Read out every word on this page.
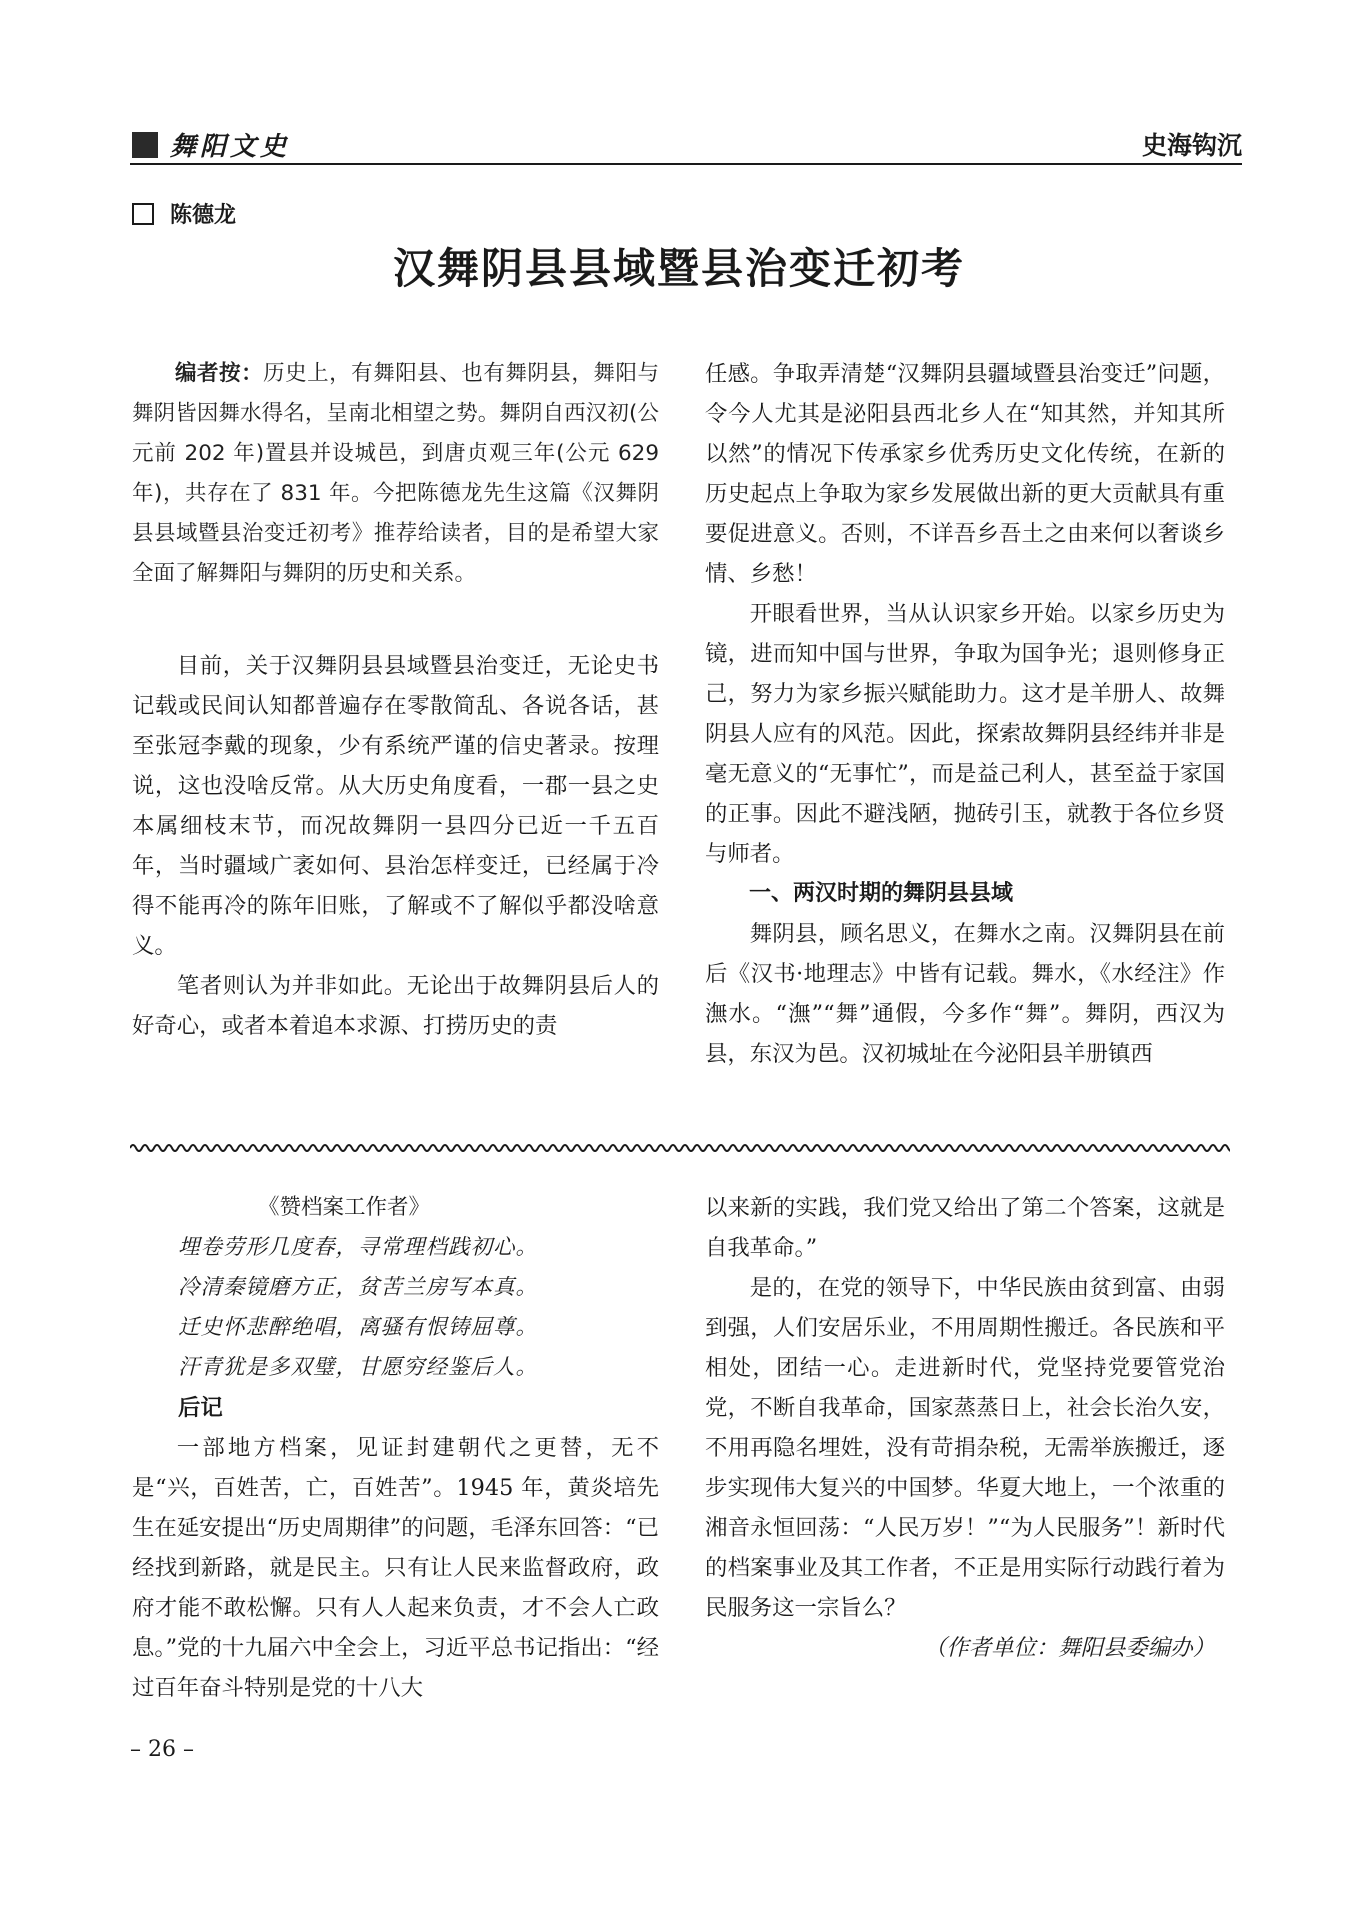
舞阳文史	史海钩沉
陈德龙
汉舞阴县县域暨县治变迁初考

编者按：历史上，有舞阳县、也有舞阴县，舞阳与舞阴皆因舞水得名，呈南北相望之势。舞阴自西汉初(公元前 202 年)置县并设城邑，到唐贞观三年(公元 629 年)，共存在了 831 年。今把陈德龙先生这篇《汉舞阴县县域暨县治变迁初考》推荐给读者，目的是希望大家全面了解舞阳与舞阴的历史和关系。

目前，关于汉舞阴县县域暨县治变迁，无论史书记载或民间认知都普遍存在零散简乱、各说各话，甚至张冠李戴的现象，少有系统严谨的信史著录。按理说，这也没啥反常。从大历史角度看，一郡一县之史本属细枝末节，而况故舞阴一县四分已近一千五百年，当时疆域广袤如何、县治怎样变迁，已经属于冷得不能再冷的陈年旧账，了解或不了解似乎都没啥意义。

笔者则认为并非如此。无论出于故舞阴县后人的好奇心，或者本着追本求源、打捞历史的责

任感。争取弄清楚“汉舞阴县疆域暨县治变迁”问题，令今人尤其是泌阳县西北乡人在“知其然，并知其所以然”的情况下传承家乡优秀历史文化传统，在新的历史起点上争取为家乡发展做出新的更大贡献具有重要促进意义。否则，不详吾乡吾土之由来何以奢谈乡情、乡愁！

开眼看世界，当从认识家乡开始。以家乡历史为镜，进而知中国与世界，争取为国争光；退则修身正己，努力为家乡振兴赋能助力。这才是羊册人、故舞阴县人应有的风范。因此，探索故舞阴县经纬并非是毫无意义的“无事忙”，而是益己利人，甚至益于家国的正事。因此不避浅陋，抛砖引玉，就教于各位乡贤与师者。

一、两汉时期的舞阴县县域

舞阴县，顾名思义，在舞水之南。汉舞阴县在前后《汉书·地理志》中皆有记载。舞水，《水经注》作潕水。“潕”“舞”通假，今多作“舞”。舞阴，西汉为县，东汉为邑。汉初城址在今泌阳县羊册镇西

《赞档案工作者》

埋卷劳形几度春，寻常理档践初心。

冷清秦镜磨方正，贫苦兰房写本真。

迁史怀悲醉绝唱，离骚有恨铸屈尊。

汗青犹是多双璧，甘愿穷经鉴后人。

后记

一部地方档案，见证封建朝代之更替，无不是“兴，百姓苦，亡，百姓苦”。1945 年，黄炎培先生在延安提出“历史周期律”的问题，毛泽东回答：“已经找到新路，就是民主。只有让人民来监督政府，政府才能不敢松懈。只有人人起来负责，才不会人亡政息。”党的十九届六中全会上，习近平总书记指出：“经过百年奋斗特别是党的十八大

以来新的实践，我们党又给出了第二个答案，这就是自我革命。”

是的，在党的领导下，中华民族由贫到富、由弱到强，人们安居乐业，不用周期性搬迁。各民族和平相处，团结一心。走进新时代，党坚持党要管党治党，不断自我革命，国家蒸蒸日上，社会长治久安，不用再隐名埋姓，没有苛捐杂税，无需举族搬迁，逐步实现伟大复兴的中国梦。华夏大地上，一个浓重的湘音永恒回荡：“人民万岁！”“为人民服务”！新时代的档案事业及其工作者，不正是用实际行动践行着为民服务这一宗旨么？

（作者单位：舞阳县委编办）

– 26 –
